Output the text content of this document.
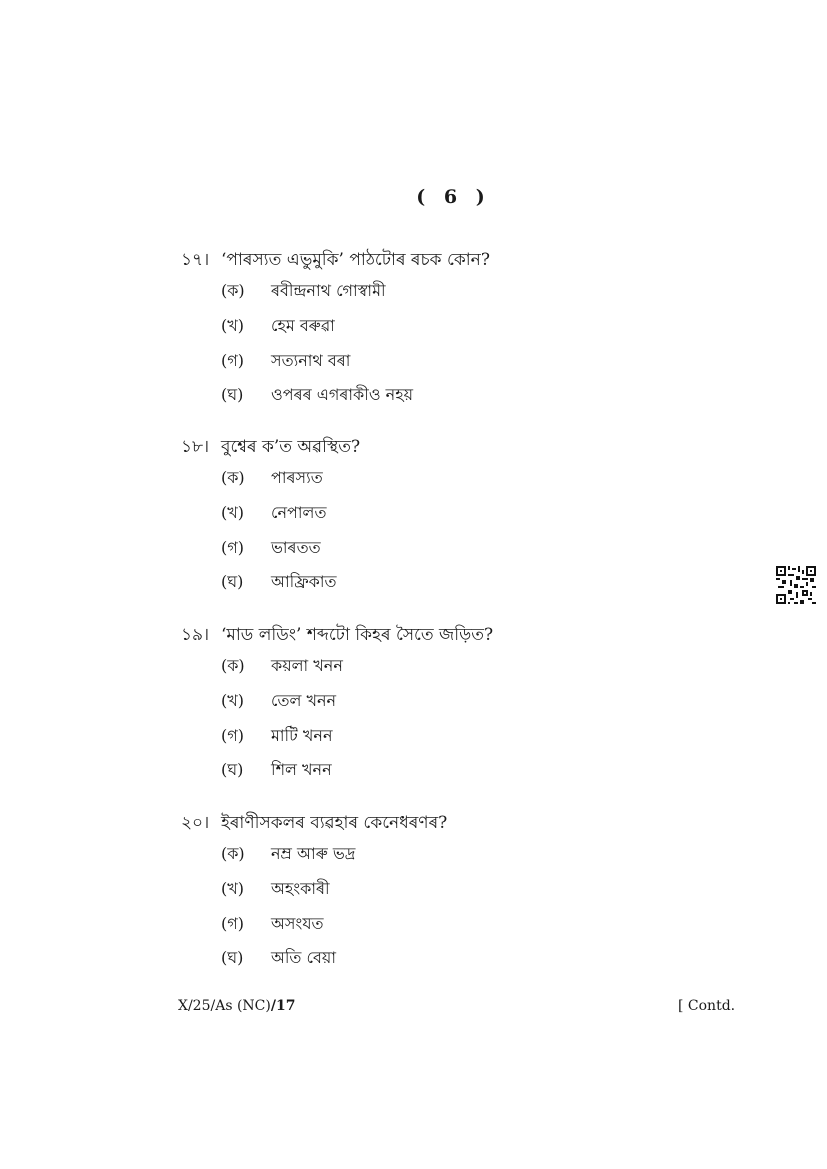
( 6 )
১৭। ‘পাৰস্যত এভুমুকি’ পাঠটোৰ ৰচক কোন?
(ক) ৰবীন্দ্ৰনাথ গোস্বামী
(খ) হেম বৰুৱা
(গ) সত্যনাথ বৰা
(ঘ) ওপৰৰ এগৰাকীও নহয়
১৮। বুশ্বেৰ ক’ত অৱস্থিত?
(ক) পাৰস্যত
(খ) নেপালত
(গ) ভাৰতত
(ঘ) আফ্ৰিকাত
১৯। ‘মাড লডিং’ শব্দটো কিহৰ সৈতে জড়িত?
(ক) কয়লা খনন
(খ) তেল খনন
(গ) মাটি খনন
(ঘ) শিল খনন
২০। ইৰাণীসকলৰ ব্যৱহাৰ কেনেধৰণৰ?
(ক) নম্ৰ আৰু ভদ্ৰ
(খ) অহংকাৰী
(গ) অসংযত
(ঘ) অতি বেয়া
X/25/As (NC)/17	[ Contd.
